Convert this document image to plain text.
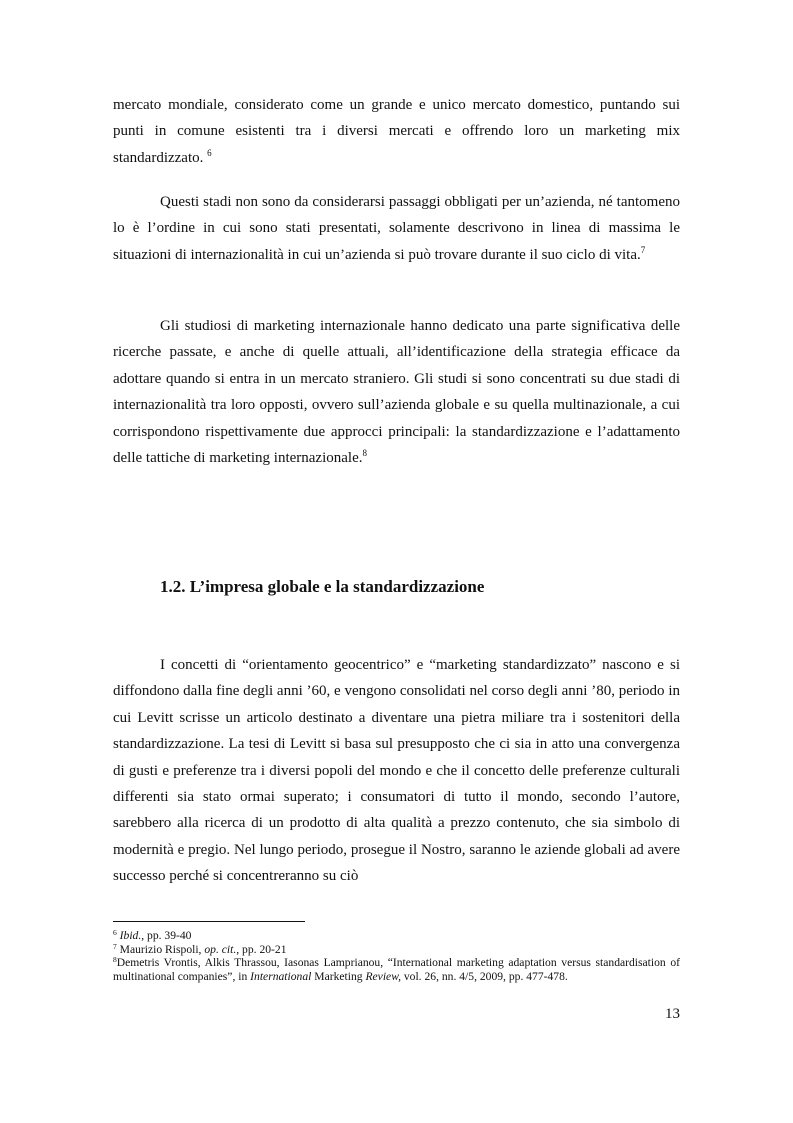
mercato mondiale, considerato come un grande e unico mercato domestico, puntando sui punti in comune esistenti tra i diversi mercati e offrendo loro un marketing mix standardizzato. $^6$

Questi stadi non sono da considerarsi passaggi obbligati per un’azienda, né tantomeno lo è l’ordine in cui sono stati presentati, solamente descrivono in linea di massima le situazioni di internazionalità in cui un’azienda si può trovare durante il suo ciclo di vita.$^7$

Gli studiosi di marketing internazionale hanno dedicato una parte significativa delle ricerche passate, e anche di quelle attuali, all’identificazione della strategia efficace da adottare quando si entra in un mercato straniero. Gli studi si sono concentrati su due stadi di internazionalità tra loro opposti, ovvero sull’azienda globale e su quella multinazionale, a cui corrispondono rispettivamente due approcci principali: la standardizzazione e l’adattamento delle tattiche di marketing internazionale.$^8$

1.2. L’impresa globale e la standardizzazione

I concetti di “orientamento geocentrico” e “marketing standardizzato” nascono e si diffondono dalla fine degli anni ’60, e vengono consolidati nel corso degli anni ’80, periodo in cui Levitt scrisse un articolo destinato a diventare una pietra miliare tra i sostenitori della standardizzazione. La tesi di Levitt si basa sul presupposto che ci sia in atto una convergenza di gusti e preferenze tra i diversi popoli del mondo e che il concetto delle preferenze culturali differenti sia stato ormai superato; i consumatori di tutto il mondo, secondo l’autore, sarebbero alla ricerca di un prodotto di alta qualità a prezzo contenuto, che sia simbolo di modernità e pregio. Nel lungo periodo, prosegue il Nostro, saranno le aziende globali ad avere successo perché si concentreranno su ciò

$^6$ Ibid., pp. 39-40

$^7$ Maurizio Rispoli, op. cit., pp. 20-21

$^8$Demetris Vrontis, Alkis Thrassou, Iasonas Lamprianou, “International marketing adaptation versus standardisation of multinational companies”, in International Marketing Review, vol. 26, nn. 4/5, 2009, pp. 477-478.

13
